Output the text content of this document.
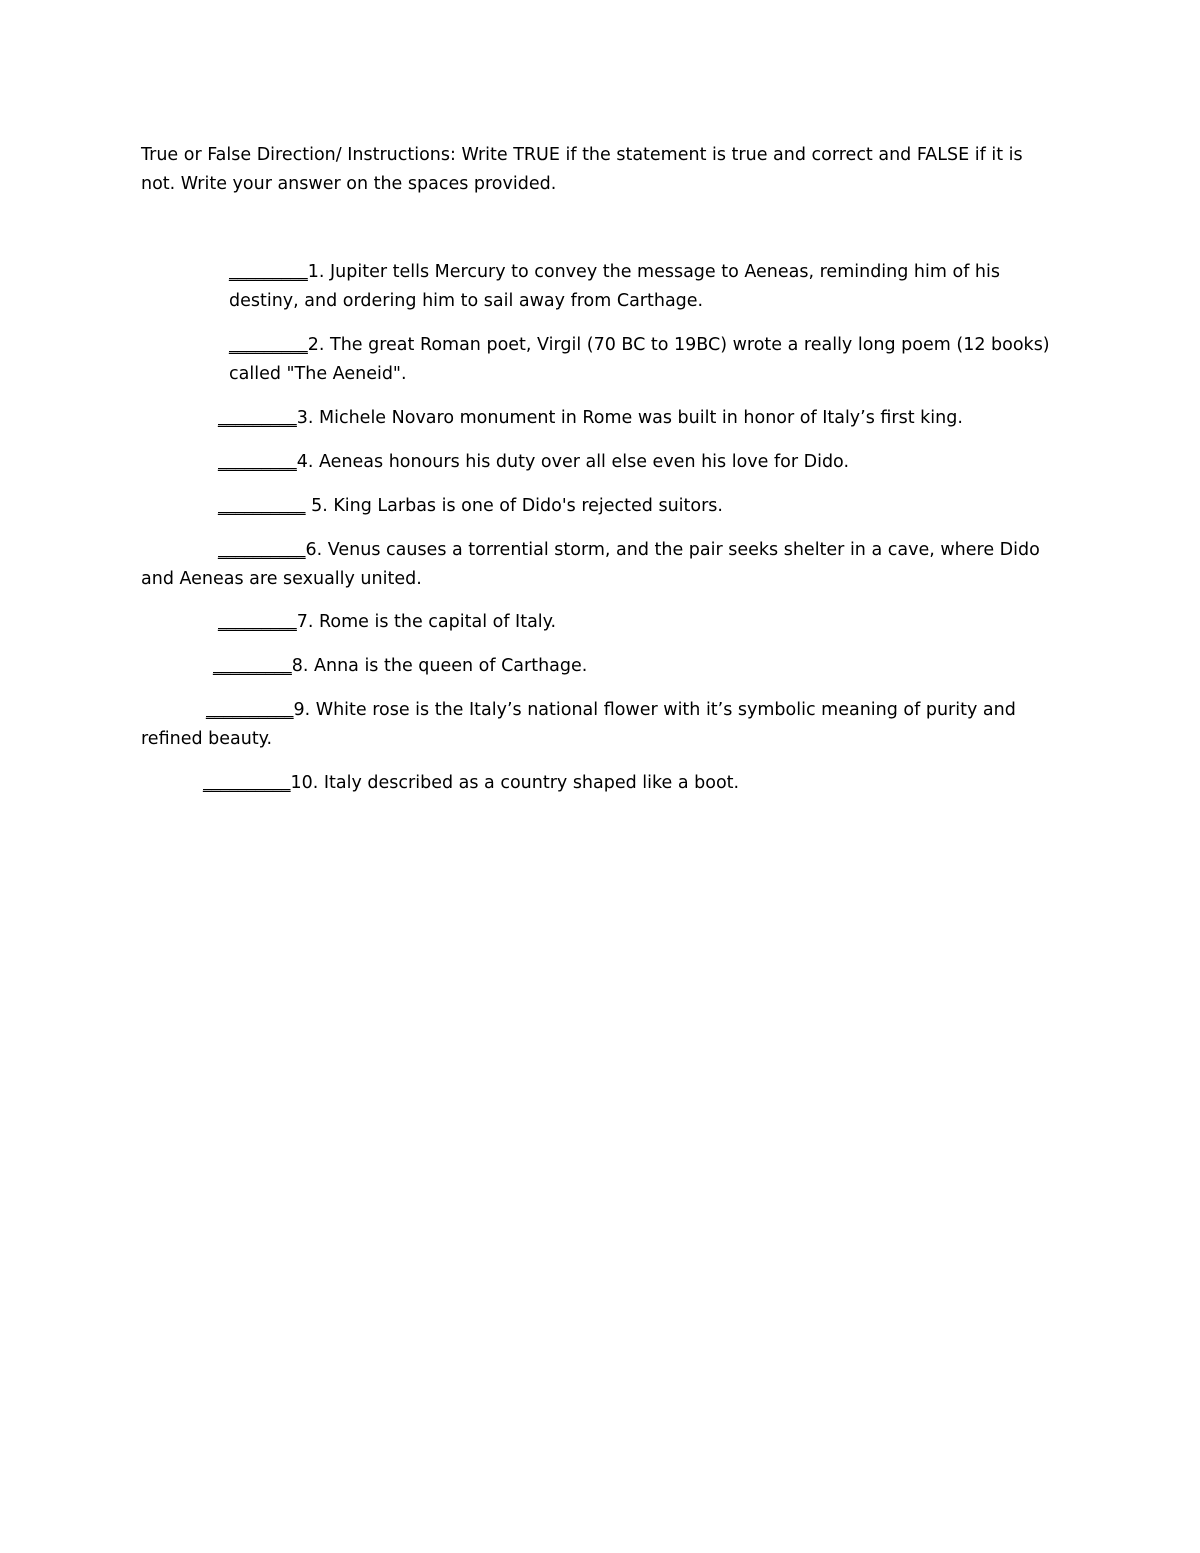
True or False Direction/ Instructions: Write TRUE if the statement is true and correct and FALSE if it is
not. Write your answer on the spaces provided.
_________1. Jupiter tells Mercury to convey the message to Aeneas, reminding him of his
destiny, and ordering him to sail away from Carthage.
_________2. The great Roman poet, Virgil (70 BC to 19BC) wrote a really long poem (12 books)
called "The Aeneid".
_________3. Michele Novaro monument in Rome was built in honor of Italy’s first king.
_________4. Aeneas honours his duty over all else even his love for Dido.
__________ 5. King Larbas is one of Dido's rejected suitors.
__________6. Venus causes a torrential storm, and the pair seeks shelter in a cave, where Dido
and Aeneas are sexually united.
_________7. Rome is the capital of Italy.
_________8. Anna is the queen of Carthage.
__________9. White rose is the Italy’s national flower with it’s symbolic meaning of purity and
refined beauty.
__________10. Italy described as a country shaped like a boot.
